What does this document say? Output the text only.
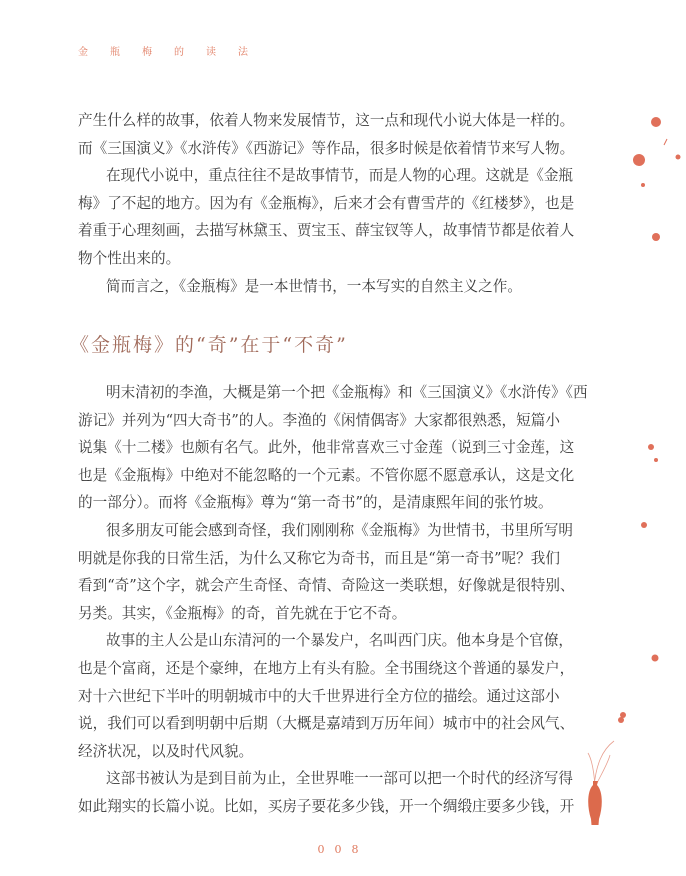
金 瓶 梅 的 读 法
产生什么样的故事，依着人物来发展情节，这一点和现代小说大体是一样的。
而《三国演义》《水浒传》《西游记》等作品，很多时候是依着情节来写人物。
在现代小说中，重点往往不是故事情节，而是人物的心理。这就是《金瓶
梅》了不起的地方。因为有《金瓶梅》，后来才会有曹雪芹的《红楼梦》，也是
着重于心理刻画，去描写林黛玉、贾宝玉、薛宝钗等人，故事情节都是依着人
物个性出来的。
简而言之，《金瓶梅》是一本世情书，一本写实的自然主义之作。
《金瓶梅》的“奇”在于“不奇”
明末清初的李渔，大概是第一个把《金瓶梅》和《三国演义》《水浒传》《西
游记》并列为“四大奇书”的人。李渔的《闲情偶寄》大家都很熟悉，短篇小
说集《十二楼》也颇有名气。此外，他非常喜欢三寸金莲（说到三寸金莲，这
也是《金瓶梅》中绝对不能忽略的一个元素。不管你愿不愿意承认，这是文化
的一部分）。而将《金瓶梅》尊为“第一奇书”的，是清康熙年间的张竹坡。
很多朋友可能会感到奇怪，我们刚刚称《金瓶梅》为世情书，书里所写明
明就是你我的日常生活，为什么又称它为奇书，而且是“第一奇书”呢？我们
看到“奇”这个字，就会产生奇怪、奇情、奇险这一类联想，好像就是很特别、
另类。其实，《金瓶梅》的奇，首先就在于它不奇。
故事的主人公是山东清河的一个暴发户，名叫西门庆。他本身是个官僚，
也是个富商，还是个豪绅，在地方上有头有脸。全书围绕这个普通的暴发户，
对十六世纪下半叶的明朝城市中的大千世界进行全方位的描绘。通过这部小
说，我们可以看到明朝中后期（大概是嘉靖到万历年间）城市中的社会风气、
经济状况，以及时代风貌。
这部书被认为是到目前为止，全世界唯一一部可以把一个时代的经济写得
如此翔实的长篇小说。比如，买房子要花多少钱，开一个绸缎庄要多少钱，开
008
